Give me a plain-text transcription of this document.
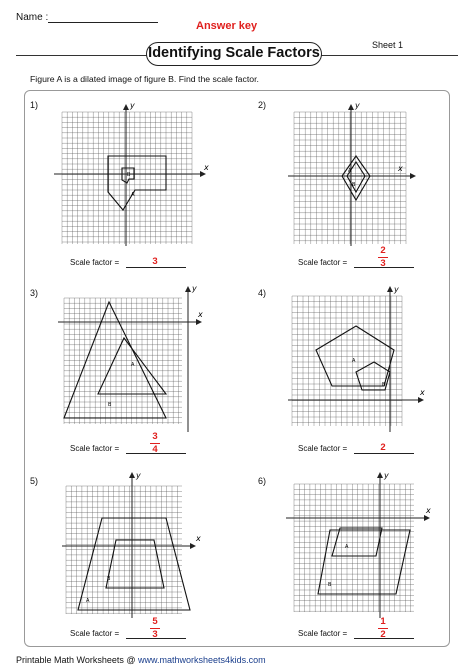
Name :
Answer key
Identifying Scale Factors	Sheet 1
Figure A is a dilated image of figure B. Find the scale factor.
1)
x
y
A
B
Scale factor =	3
2)
x
y
A
B
Scale factor =
2
3
3)
x
y
A
B
Scale factor =
3
4
4)
x
y
A
B
Scale factor =	2
5)
x
y
A
B
Scale factor =
5
3
6)
x
y
A
B
Scale factor =
1
2
Printable Math Worksheets @ www.mathworksheets4kids.com
